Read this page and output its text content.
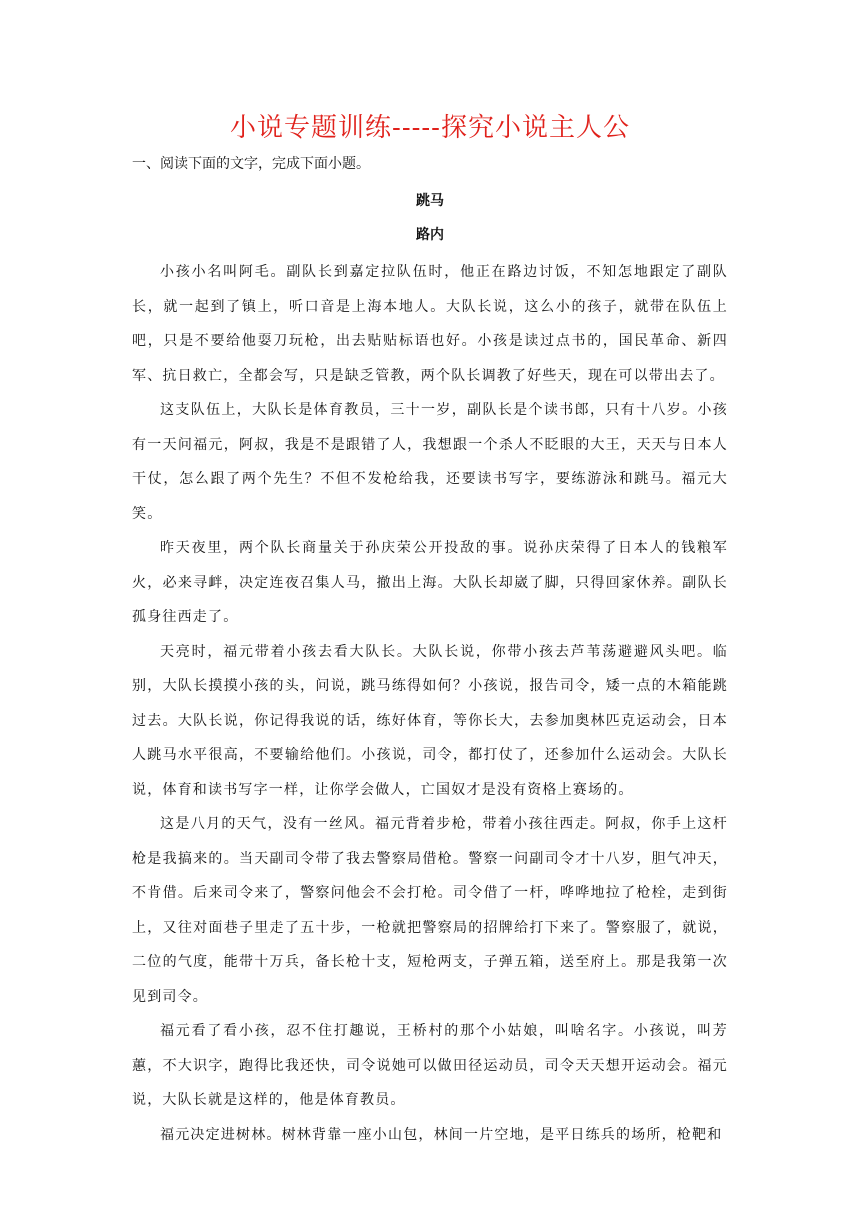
小说专题训练-----探究小说主人公

一、阅读下面的文字，完成下面小题。

跳马

路内

小孩小名叫阿毛。副队长到嘉定拉队伍时，他正在路边讨饭，不知怎地跟定了副队长，就一起到了镇上，听口音是上海本地人。大队长说，这么小的孩子，就带在队伍上吧，只是不要给他耍刀玩枪，出去贴贴标语也好。小孩是读过点书的，国民革命、新四军、抗日救亡，全都会写，只是缺乏管教，两个队长调教了好些天，现在可以带出去了。

这支队伍上，大队长是体育教员，三十一岁，副队长是个读书郎，只有十八岁。小孩有一天问福元，阿叔，我是不是跟错了人，我想跟一个杀人不眨眼的大王，天天与日本人干仗，怎么跟了两个先生？不但不发枪给我，还要读书写字，要练游泳和跳马。福元大笑。

昨天夜里，两个队长商量关于孙庆荣公开投敌的事。说孙庆荣得了日本人的钱粮军火，必来寻衅，决定连夜召集人马，撤出上海。大队长却崴了脚，只得回家休养。副队长孤身往西走了。

天亮时，福元带着小孩去看大队长。大队长说，你带小孩去芦苇荡避避风头吧。临别，大队长摸摸小孩的头，问说，跳马练得如何？小孩说，报告司令，矮一点的木箱能跳过去。大队长说，你记得我说的话，练好体育，等你长大，去参加奥林匹克运动会，日本人跳马水平很高，不要输给他们。小孩说，司令，都打仗了，还参加什么运动会。大队长说，体育和读书写字一样，让你学会做人，亡国奴才是没有资格上赛场的。

这是八月的天气，没有一丝风。福元背着步枪，带着小孩往西走。阿叔，你手上这杆枪是我搞来的。当天副司令带了我去警察局借枪。警察一问副司令才十八岁，胆气冲天，不肯借。后来司令来了，警察问他会不会打枪。司令借了一杆，哗哗地拉了枪栓，走到街上，又往对面巷子里走了五十步，一枪就把警察局的招牌给打下来了。警察服了，就说，二位的气度，能带十万兵，备长枪十支，短枪两支，子弹五箱，送至府上。那是我第一次见到司令。

福元看了看小孩，忍不住打趣说，王桥村的那个小姑娘，叫啥名字。小孩说，叫芳蕙，不大识字，跑得比我还快，司令说她可以做田径运动员，司令天天想开运动会。福元说，大队长就是这样的，他是体育教员。

福元决定进树林。树林背靠一座小山包，林间一片空地，是平日练兵的场所，枪靶和
